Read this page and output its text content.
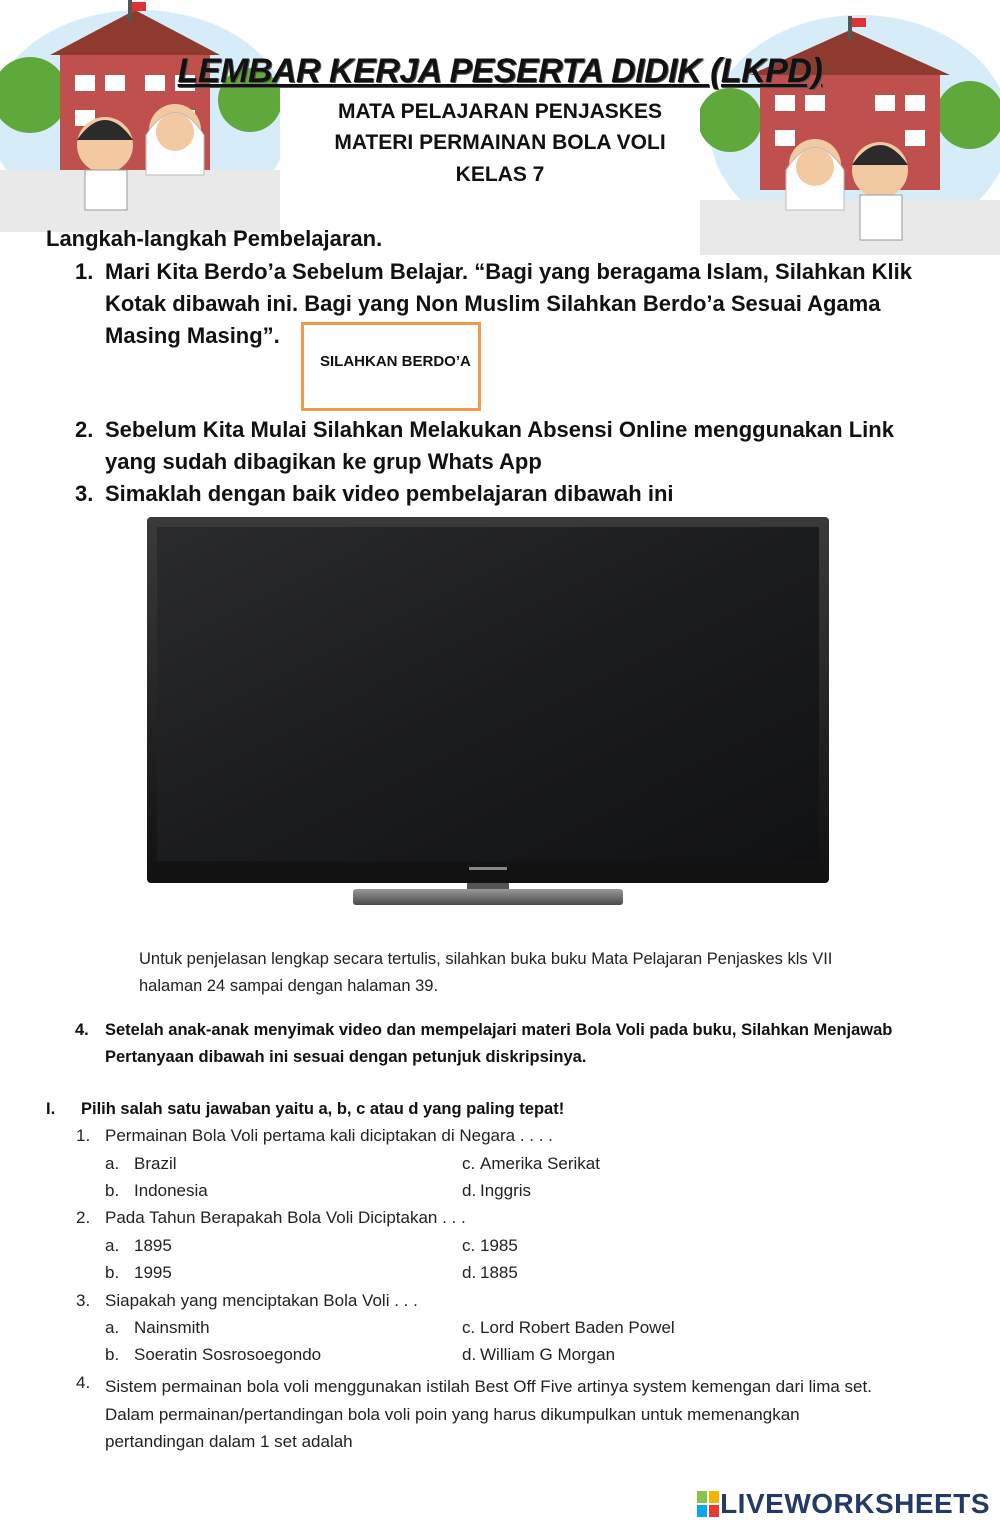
LEMBAR KERJA PESERTA DIDIK (LKPD)
MATA PELAJARAN PENJASKES
MATERI PERMAINAN BOLA VOLI
KELAS 7
Langkah-langkah Pembelajaran.
1. Mari Kita Berdo’a Sebelum Belajar. “Bagi yang beragama Islam, Silahkan Klik
Kotak dibawah ini. Bagi yang Non Muslim Silahkan Berdo’a Sesuai Agama
Masing Masing”.
SILAHKAN BERDO’A
2. Sebelum Kita Mulai Silahkan Melakukan Absensi Online menggunakan Link
yang sudah dibagikan ke grup Whats App
3. Simaklah dengan baik video pembelajaran dibawah ini
Untuk penjelasan lengkap secara tertulis, silahkan buka buku Mata Pelajaran Penjaskes kls VII
halaman 24 sampai dengan halaman 39.
4. Setelah anak-anak menyimak video dan mempelajari materi Bola Voli pada buku, Silahkan Menjawab
Pertanyaan dibawah ini sesuai dengan petunjuk diskripsinya.
I. Pilih salah satu jawaban yaitu a, b, c atau d yang paling tepat!
1. Permainan Bola Voli pertama kali diciptakan di Negara . . . .
a. Brazil	c. Amerika Serikat
b. Indonesia	d. Inggris
2. Pada Tahun Berapakah Bola Voli Diciptakan . . .
a. 1895	c. 1985
b. 1995	d. 1885
3. Siapakah yang menciptakan Bola Voli . . .
a. Nainsmith	c. Lord Robert Baden Powel
b. Soeratin Sosrosoegondo	d. William G Morgan
4. Sistem permainan bola voli menggunakan istilah Best Off Five artinya system kemengan dari lima set.
Dalam permainan/pertandingan bola voli poin yang harus dikumpulkan untuk memenangkan
pertandingan dalam 1 set adalah
LIVEWORKSHEETS
